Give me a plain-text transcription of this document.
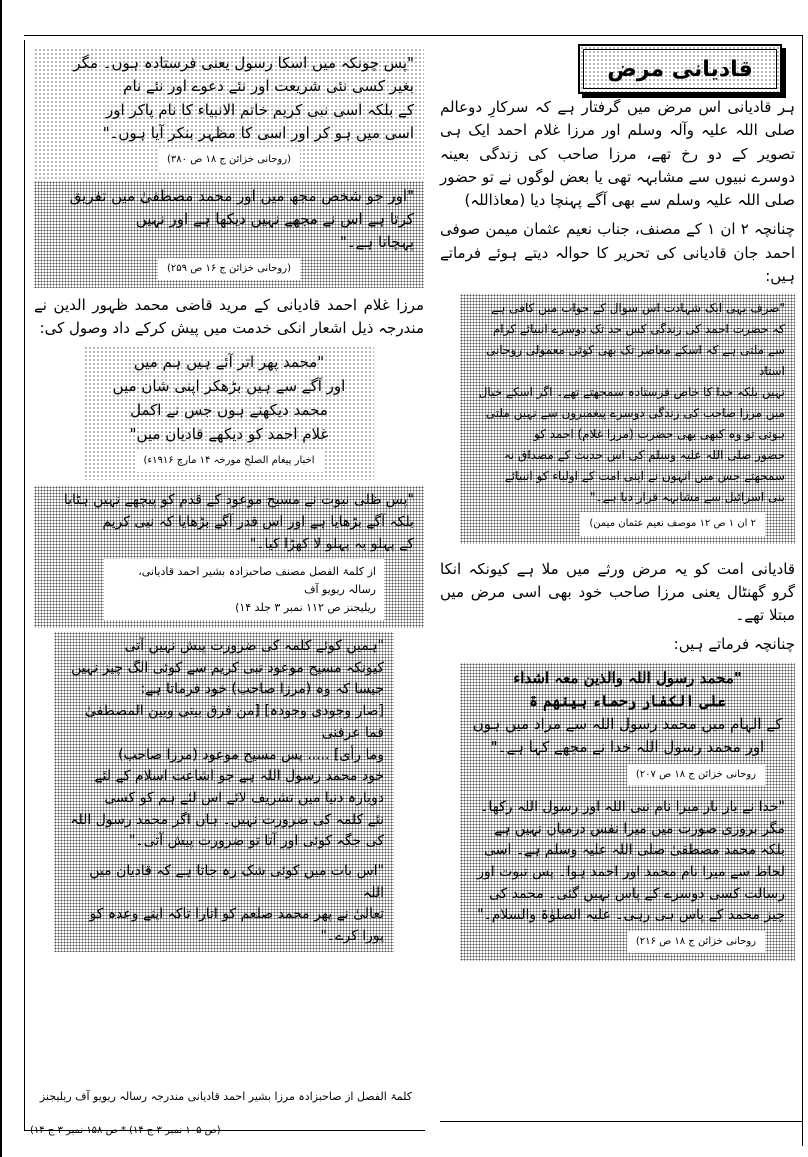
قادیانی مرض

ہر قادیانی اس مرض میں گرفتار ہے کہ سرکارِ دوعالم صلی اللہ علیہ وآلہ وسلم اور مرزا غلام احمد ایک ہی تصویر کے دو رخ تھے، مرزا صاحب کی زندگی بعینہ دوسرے نبیوں سے مشابہہ تھی یا بعض لوگوں نے تو حضور صلی اللہ علیہ وسلم سے بھی آگے پہنچا دیا (معاذاللہ)

چنانچہ ۲ ان ۱ کے مصنف، جناب نعیم عثمان میمن صوفی احمد جان قادیانی کی تحریر کا حوالہ دیتے ہوئے فرماتے ہیں:

"صرف یہی ایک شہادت اس سوال کے جواب میں کافی ہے

کہ حضرت احمد کی زندگی کس حد تک دوسرے انبیائے کرام

سے ملتی ہے کہ اسکے معاصر تک بھی کوئی معمولی روحانی استاد

نہیں بلکہ خدا کا خاص فرستادہ سمجھتے تھے۔ اگر اسکے خیال

میں مرزا صاحب کی زندگی دوسرے پیغمبروں سے نہیں ملتی

ہوتی تو وہ کبھی بھی حضرت (مرزا غلام) احمد کو

حضور صلی اللہ علیہ وسلم کی اس حدیث کے مصداق نہ

سمجھتے جس میں انہوں نے اپنی امت کے اولیاء کو انبیائے

بنی اسرائیل سے مشابہہ قرار دیا ہے۔"

۲ ان ۱ ص ۱۲ موصف نعیم عثمان میمن)

قادیانی امت کو یہ مرض ورثے میں ملا ہے کیونکہ انکا گرو گھنٹال یعنی مرزا صاحب خود بھی اسی مرض میں مبتلا تھے۔

چنانچہ فرماتے ہیں:

"محمد رسول اللہ والذین معہ اشداء

علی الکفار رحماء بینھم ۃ

کے الہام میں محمد رسول اللہ سے مراد میں ہوں

اور محمد رسول اللہ خدا نے مجھے کہا ہے۔"

روحانی خزائن ج ۱۸ ص ۲۰۷)

"خدا نے بار بار میرا نام نبی اللہ اور رسول اللہ رکھا۔

مگر بروزی صورت میں میرا نفس درمیان نہیں ہے

بلکہ محمد مصطفیٰ صلی اللہ علیہ وسلم ہے۔ اسی

لحاظ سے میرا نام محمد اور احمد ہوا۔ پس نبوت اور

رسالت کسی دوسرے کے پاس نہیں گئی۔ محمد کی

چیز محمد کے پاس ہی رہی۔ علیہ الصلوٰۃ والسلام۔"

روحانی خزائن ج ۱۸ ص ۲۱۶)

"پس چونکہ میں اسکا رسول یعنی فرستادہ ہوں۔ مگر

بغیر کسی نئی شریعت اور نئے دعوے اور نئے نام

کے بلکہ اسی نبی کریم خاتم الانبیاء کا نام پاکر اور

اسی میں ہو کر اور اسی کا مظہر بنکر آیا ہوں۔"

(روحانی خزائن ج ۱۸ ص ۳۸۰)

"اور جو شخص مجھ میں اور محمد مصطفیٰ میں تفریق

کرتا ہے اس نے مجھے نہیں دیکھا ہے اور نہیں

پہچانا ہے۔"

(روحانی خزائن ج ۱۶ ص ۲۵۹)

مرزا غلام احمد قادیانی کے مرید قاضی محمد ظہور الدین نے مندرجہ ذیل اشعار انکی خدمت میں پیش کرکے داد وصول کی:

"محمد پھر اتر آئے ہیں ہم میں

اور آگے سے ہیں بڑھکر اپنی شان میں

محمد دیکھنے ہوں جس نے اکمل

غلام احمد کو دیکھے قادیان میں"

اخبار پیغام الصلح مورخہ ۱۴ مارچ ۱۹۱۶ء)

"پس ظلی نبوت نے مسیح موعود کے قدم کو پیچھے نہیں ہٹایا

بلکہ آگے بڑھایا ہے اور اس قدر آگے بڑھایا کہ نبی کریم

کے پہلو بہ پہلو لا کھڑا کیا۔"

از کلمۃ الفصل مصنف صاحبزادہ بشیر احمد قادیانی، رسالہ ریویو آف
ریلیجنز ص ۱۱۲ نمبر ۳ جلد ۱۴)

"ہمیں کوئے کلمہ کی ضرورت پیش نہیں آتی

کیونکہ مسیح موعود نبی کریم سے کوئی الگ چیز نہیں

جیسا کہ وہ (مرزا صاحب) خود فرماتا ہے:

[صار وجودی وجودہ] [من فرق بینی وبین المصطفیٰ فما عرفنی

وما رأی] ..... پس مسیح موعود (مرزا صاحب)

خود محمد رسول اللہ ہے جو اشاعت اسلام کے لئے

دوبارہ دنیا میں تشریف لائے اس لئے ہم کو کسی

نئے کلمہ کی ضرورت نہیں۔ ہاں اگر محمد رسول اللہ

کی جگہ کوئی اور آتا تو ضرورت پیش آتی۔"

"اس بات میں کوئی شک رہ جاتا ہے کہ قادیان میں اللہ

تعالیٰ نے پھر محمد صلعم کو اتارا تاکہ اپنے وعدہ کو

پورا کرے۔"

کلمۃ الفصل از صاحبزادہ مرزا بشیر احمد قادیانی مندرجہ رسالہ ریویو آف ریلیجنز
(ص ۱۰۵ نمبر ۳ ج ۱۴) * ص ۱۵۸ نمبر ۳ ج ۱۴)
